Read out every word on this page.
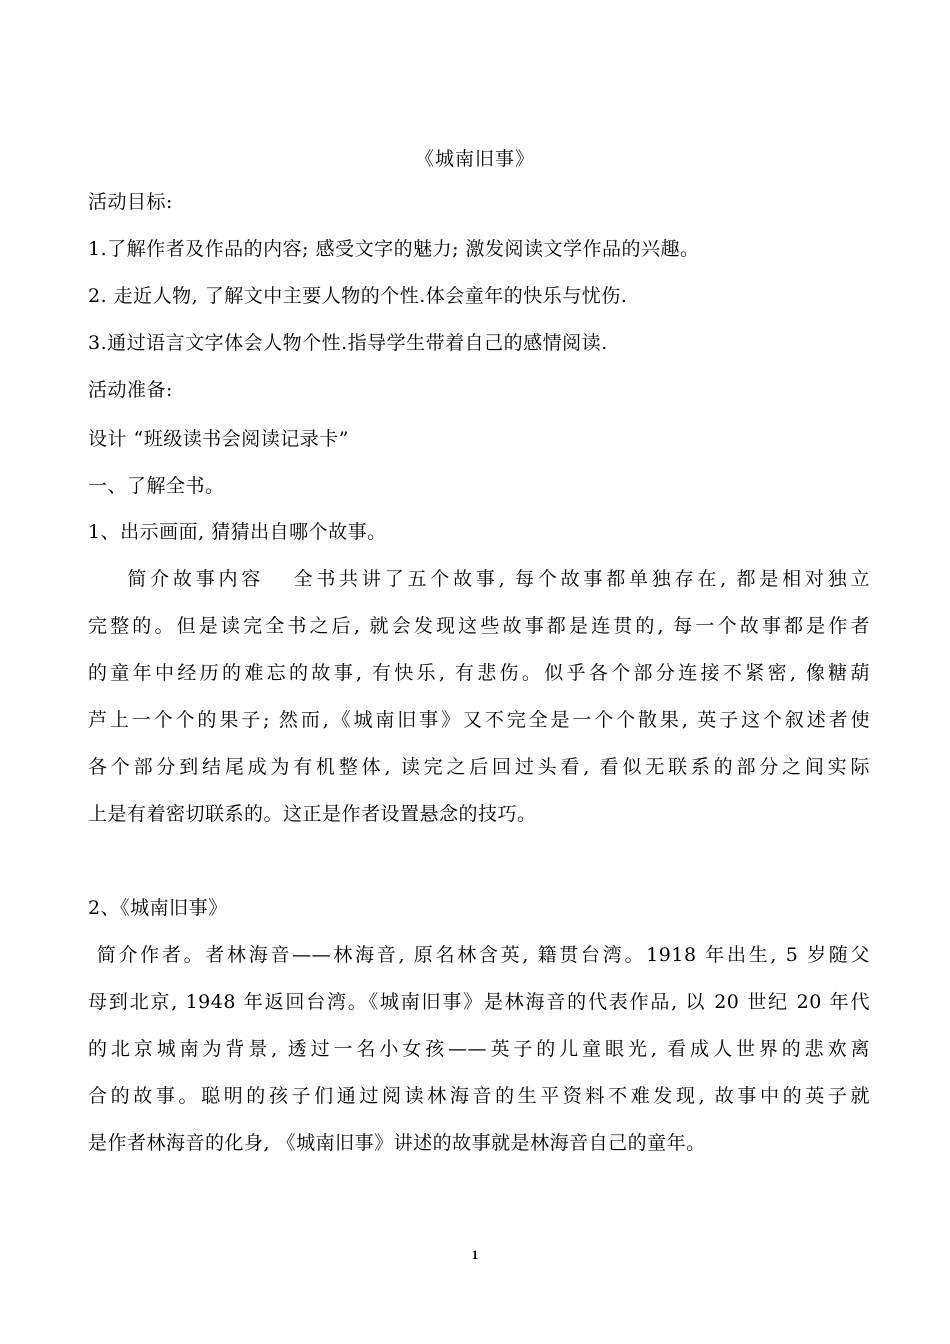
《城南旧事》
活动目标:
1.了解作者及作品的内容; 感受文字的魅力; 激发阅读文学作品的兴趣。
2. 走近人物, 了解文中主要人物的个性.体会童年的快乐与忧伤.
3.通过语言文字体会人物个性.指导学生带着自己的感情阅读.
活动准备:
设计 “班级读书会阅读记录卡”
一、了解全书。
1、出示画面, 猜猜出自哪个故事。
简介故事内容   全书共讲了五个故事, 每个故事都单独存在, 都是相对独立
完整的。但是读完全书之后, 就会发现这些故事都是连贯的, 每一个故事都是作者
的童年中经历的难忘的故事, 有快乐, 有悲伤。似乎各个部分连接不紧密, 像糖葫
芦上一个个的果子; 然而,《城南旧事》又不完全是一个个散果, 英子这个叙述者使
各个部分到结尾成为有机整体, 读完之后回过头看, 看似无联系的部分之间实际
上是有着密切联系的。这正是作者设置悬念的技巧。
2、《城南旧事》
简介作者。者林海音——林海音, 原名林含英, 籍贯台湾。1918 年出生, 5 岁随父
母到北京, 1948 年返回台湾。《城南旧事》是林海音的代表作品, 以 20 世纪 20 年代
的北京城南为背景, 透过一名小女孩——英子的儿童眼光, 看成人世界的悲欢离
合的故事。聪明的孩子们通过阅读林海音的生平资料不难发现, 故事中的英子就
是作者林海音的化身, 《城南旧事》讲述的故事就是林海音自己的童年。
1
